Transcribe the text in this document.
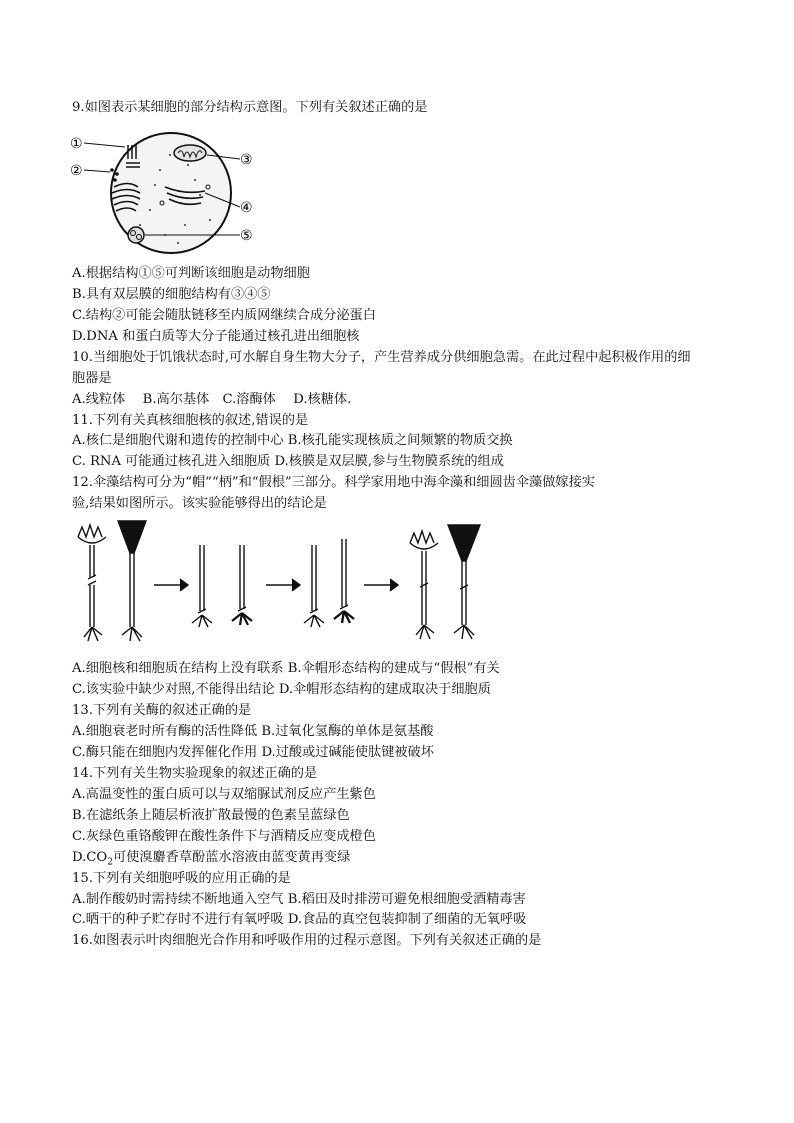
9.如图表示某细胞的部分结构示意图。下列有关叙述正确的是
①
②
③
④
⑤
A.根据结构①⑤可判断该细胞是动物细胞
B.具有双层膜的细胞结构有③④⑤
C.结构②可能会随肽链移至内质网继续合成分泌蛋白
D.DNA 和蛋白质等大分子能通过核孔进出细胞核
10.当细胞处于饥饿状态时,可水解自身生物大分子，产生营养成分供细胞急需。在此过程中起积极作用的细
胞器是
A.线粒体　 B.高尔基体　C.溶酶体　 D.核糖体.
11.下列有关真核细胞核的叙述,错误的是
A.核仁是细胞代谢和遗传的控制中心 B.核孔能实现核质之间频繁的物质交换
C. RNA 可能通过核孔进入细胞质 D.核膜是双层膜,参与生物膜系统的组成
12.伞藻结构可分为“帽”“柄”和“假根”三部分。科学家用地中海伞藻和细圆齿伞藻做嫁接实
验,结果如图所示。该实验能够得出的结论是
A.细胞核和细胞质在结构上没有联系 B.伞帽形态结构的建成与“假根”有关
C.该实验中缺少对照,不能得出结论 D.伞帽形态结构的建成取决于细胞质
13.下列有关酶的叙述正确的是
A.细胞衰老时所有酶的活性降低 B.过氧化氢酶的单体是氨基酸
C.酶只能在细胞内发挥催化作用 D.过酸或过碱能使肽键被破坏
14.下列有关生物实验现象的叙述正确的是
A.高温变性的蛋白质可以与双缩脲试剂反应产生紫色
B.在滤纸条上随层析液扩散最慢的色素呈蓝绿色
C.灰绿色重铬酸钾在酸性条件下与酒精反应变成橙色
$D.CO_2$可使溴麝香草酚蓝水溶液由蓝变黄再变绿
15.下列有关细胞呼吸的应用正确的是
A.制作酸奶时需持续不断地通入空气 B.稻田及时排涝可避免根细胞受酒精毒害
C.晒干的种子贮存时不进行有氧呼吸 D.食品的真空包装抑制了细菌的无氧呼吸
16.如图表示叶肉细胞光合作用和呼吸作用的过程示意图。下列有关叙述正确的是
